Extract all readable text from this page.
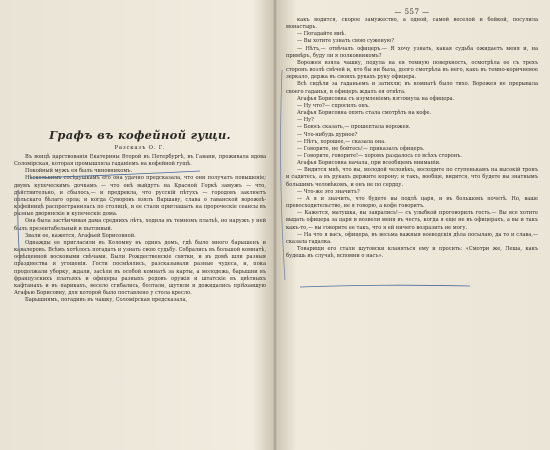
Графъ въ кофейной гущи.
Разсказъ О. Г.

Въ вонцѣ царствованія Екатерины Второй въ Петербургѣ, въ Гавани, проживала вдова Соломірская, которая промышляла гаданіемъ на кофейной гущѣ.

Покойный мужъ ея былъ чиновникомъ.

Нѣсколькимъ сосѣдушкамъ его она удачно предсказала, что они получатъ повышеніе; двумъ купеческимъ дочкамъ — что онѣ выйдутъ на Красной Горкѣ замужъ — что, дѣйствительно, и сбылось,— и предрекла, что русскій пѣтухъ — городовъ заклюетъ польскаго бѣлаго орла; и когда Суворовъ взялъ Варшаву, слава о гаванской ворожеѣ-кофейницѣ распространилась по столицѣ, и ее стали приглашать на пророческіе сеансы въ разные дворянскіе и купеческіе дома.

Она была застѣнчивая дама среднихъ лѣтъ, ходила въ темномъ платьѣ, но наружъ у ней былъ презентабельный и пытливый.

Звали ее, кажется, Агафьей Борисовной.

Однажды ее пригласили въ Коломну въ одинъ домъ, гдѣ было много барышенъ и кавалеровъ. Всѣмъ хотѣлось погадать и узнать свою судьбу. Собрались въ большой комнатѣ, освѣщенной восковыми свѣчами. Были Рождественскіе святки, и въ домѣ шли разныя празднества и угощенія. Гости посмѣялись, разсказывали разные чудеса, и, пока продолжали уборку, ждали, засѣли въ особой комнатѣ за карты, а молодежь, барышни въ французскихъ платьяхъ и офицеры разныхъ родовъ оружія и штатскіе въ цвѣтныхъ кафтанахъ и въ парикахъ, весело сгибались, болтали, шутили и дожидались пріѣхавшую Агафью Борисовну, для которой было поставлено у стола кресло.

Барышнямъ, погадивъ въ чашку, Соломірская предсказала,

— 557 —

какъ водится, скорое замужество, а одной, самой веселой и бойкой, посулила монастырь.

— Погадайте мнѣ.

— Вы хотите узнать свою суженую?

— Нѣтъ,— отвѣчалъ офицеръ.— Я хочу узнать, какая судьба ожидаетъ меня и, на примѣръ, буду ли я полковникомъ?

Ворожея взяла чашку, подула на ея темную поверхность, осмотрѣла ее съ трехъ сторонъ возлѣ свѣчей и, кто бы ни была, долго смотрѣла въ него, какъ въ темно-коричневое зеркало, держа въ своихъ рукахъ руку офицера.

Всѣ сидѣли за гаданьемъ и затихли; въ комнатѣ было тихо. Ворожея не прерывала своего гаданья, и офицеръ ждалъ ея отвѣта.

Агафья Борисовна съ изумленіемъ взглянула на офицера.

— Ну что?— спросилъ онъ.

Агафья Борисовна опять стала смотрѣть на кофе.

— Ну?

— Боюсь сказать,— прошептала ворожея.

— Что-нибудь дурное?

— Нѣтъ, хорошее,— сказала она.

— Говорите, не бойтесь!— приказалъ офицеръ.

— Говорите, говорите!— хоромъ раздалось со всѣхъ сторонъ.

Агафья Борисовна начала, при всеобщемъ вниманіи.

— Видится мнѣ, что вы, молодой человѣкъ, восходите по ступенькамъ на высокій тронъ и садитесь, а въ рукахъ держите корону; и такъ, вообще, видится, что будете вы знатнымъ большимъ человѣкомъ, и онъ не по сердцу.

— Что-же это значитъ?

— А я и значитъ, что будете вы подлѣ царя, и въ большомъ почетѣ. Но, ваше превосходительство, не я говорю, а кофе говоритъ.

— Кажется, матушка, вы заврались!— съ улыбкой проговорилъ гость.— Вы все хотите выдать офицера за царя и возвели меня въ честь, когда я еще не въ офицерахъ, а вы и такъ какъ-то,— вы говорите ее такъ, что я ей ничего возразить не могу.

— На что я васъ, офицера, въ весьма важныя воеводскія дѣла посылаю, да то и слава,— сказала гадалка.

Товарищи его стали шутовски кланяться ему и просить: «Смотри же, Леша, какъ будешь въ случаѣ, вспомни о насъ».
